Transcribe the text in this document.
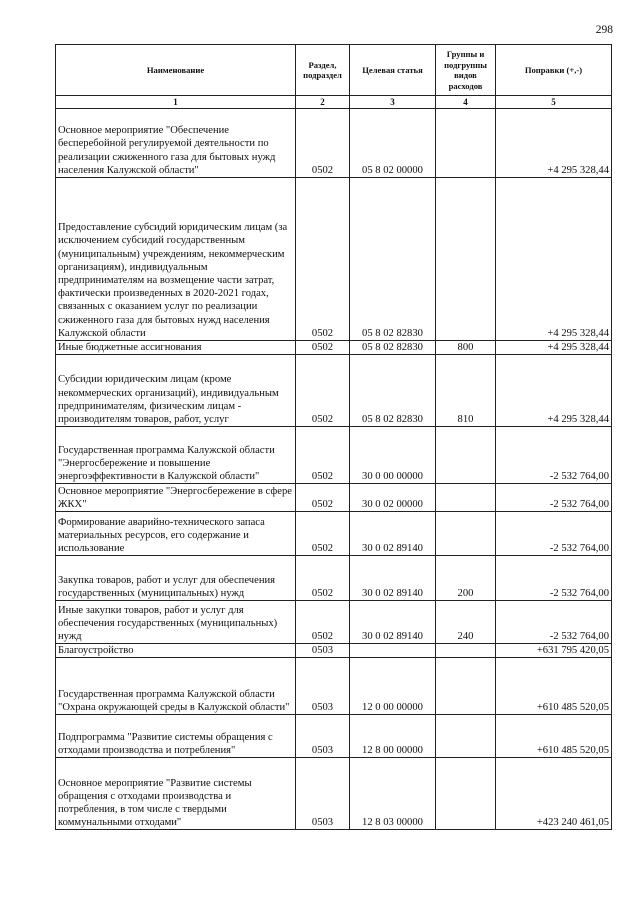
298
Наименование	Раздел, подраздел	Целевая статья	Группы и подгруппы видов расходов	Поправки (+,-)
1	2	3	4	5
Основное мероприятие "Обеспечение бесперебойной регулируемой деятельности по реализации сжиженного газа для бытовых нужд населения Калужской области"	0502	05 8 02 00000		+4 295 328,44
Предоставление субсидий юридическим лицам (за исключением субсидий государственным (муниципальным) учреждениям, некоммерческим организациям), индивидуальным предпринимателям на возмещение части затрат, фактически произведенных в 2020-2021 годах, связанных с оказанием услуг по реализации сжиженного газа для бытовых нужд населения Калужской области	0502	05 8 02 82830		+4 295 328,44
Иные бюджетные ассигнования	0502	05 8 02 82830	800	+4 295 328,44
Субсидии юридическим лицам (кроме некоммерческих организаций), индивидуальным предпринимателям, физическим лицам - производителям товаров, работ, услуг	0502	05 8 02 82830	810	+4 295 328,44
Государственная программа Калужской области "Энергосбережение и повышение энергоэффективности в Калужской области"	0502	30 0 00 00000		-2 532 764,00
Основное мероприятие "Энергосбережение в сфере ЖКХ"	0502	30 0 02 00000		-2 532 764,00
Формирование аварийно-технического запаса материальных ресурсов, его содержание и использование	0502	30 0 02 89140		-2 532 764,00
Закупка товаров, работ и услуг для обеспечения государственных (муниципальных) нужд	0502	30 0 02 89140	200	-2 532 764,00
Иные закупки товаров, работ и услуг для обеспечения государственных (муниципальных) нужд	0502	30 0 02 89140	240	-2 532 764,00
Благоустройство	0503			+631 795 420,05
Государственная программа Калужской области "Охрана окружающей среды в Калужской области"	0503	12 0 00 00000		+610 485 520,05
Подпрограмма "Развитие системы обращения с отходами производства и потребления"	0503	12 8 00 00000		+610 485 520,05
Основное мероприятие "Развитие системы обращения с отходами производства и потребления, в том числе с твердыми коммунальными отходами"	0503	12 8 03 00000		+423 240 461,05
